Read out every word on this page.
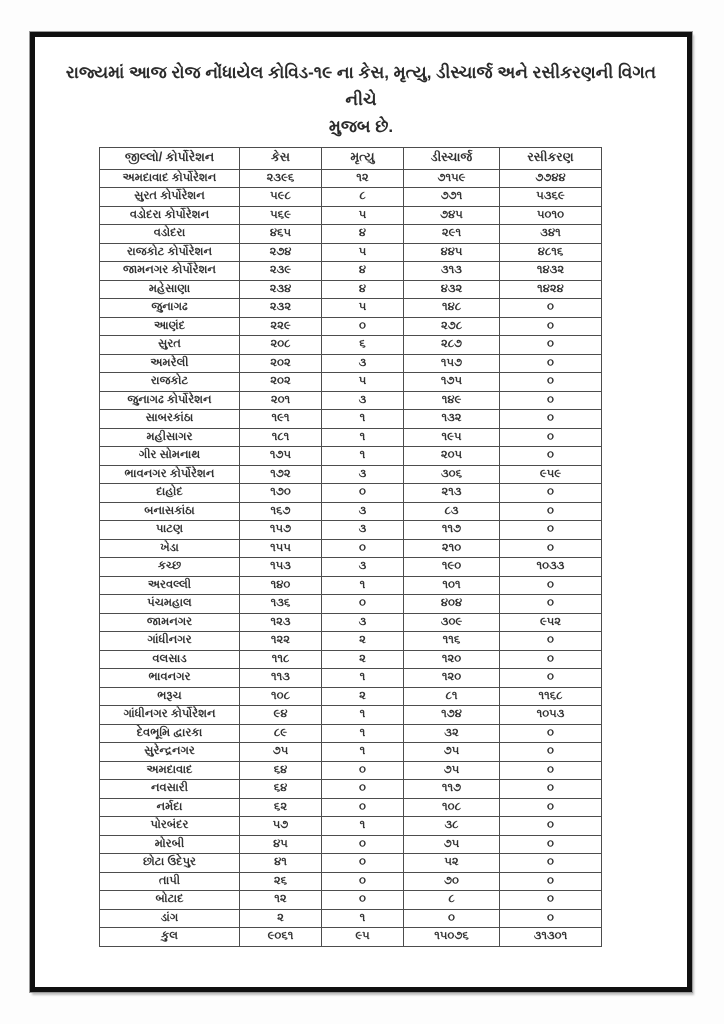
રાજ્યમાં આજ રોજ નોંધાયેલ કોવિડ-૧૯ ના કેસ, મૃત્યુ, ડીસ્ચાર્જ અને રસીકરણની વિગત નીચે
મુજબ છે.
જીલ્લો/ કોર્પોરેશન	કેસ	મૃત્યુ	ડીસ્ચાર્જ	રસીકરણ
અમદાવાદ કોર્પોરેશન	૨૩૯૬	૧૨	૭૧૫૯	૭૭૪૪
સુરત કોર્પોરેશન	૫૯૮	૮	૭૭૧	૫૩૬૯
વડોદરા કોર્પોરેશન	૫૬૯	૫	૭૪૫	૫૦૧૦
વડોદરા	૪૬૫	૪	૨૯૧	૩૪૧
રાજકોટ કોર્પોરેશન	૨૭૪	૫	૪૪૫	૪૮૧૬
જામનગર કોર્પોરેશન	૨૩૯	૪	૩૧૩	૧૪૩૨
મહેસાણા	૨૩૪	૪	૪૩૨	૧૪૨૪
જુનાગઢ	૨૩૨	૫	૧૪૮	૦
આણંદ	૨૨૯	૦	૨૭૮	૦
સુરત	૨૦૮	૬	૨૮૭	૦
અમરેલી	૨૦૨	૩	૧૫૭	૦
રાજકોટ	૨૦૨	૫	૧૭૫	૦
જુનાગઢ કોર્પોરેશન	૨૦૧	૩	૧૪૯	૦
સાબરકાંઠા	૧૯૧	૧	૧૩૨	૦
મહીસાગર	૧૮૧	૧	૧૯૫	૦
ગીર સોમનાથ	૧૭૫	૧	૨૦૫	૦
ભાવનગર કોર્પોરેશન	૧૭૨	૩	૩૦૬	૯૫૯
દાહોદ	૧૭૦	૦	૨૧૩	૦
બનાસકાંઠા	૧૬૭	૩	૮૩	૦
પાટણ	૧૫૭	૩	૧૧૭	૦
ખેડા	૧૫૫	૦	૨૧૦	૦
કચ્છ	૧૫૩	૩	૧૯૦	૧૦૩૩
અરવલ્લી	૧૪૦	૧	૧૦૧	૦
પંચમહાલ	૧૩૬	૦	૪૦૪	૦
જામનગર	૧૨૩	૩	૩૦૯	૯૫૨
ગાંધીનગર	૧૨૨	૨	૧૧૬	૦
વલસાડ	૧૧૮	૨	૧૨૦	૦
ભાવનગર	૧૧૩	૧	૧૨૦	૦
ભરૂચ	૧૦૮	૨	૮૧	૧૧૬૮
ગાંધીનગર કોર્પોરેશન	૯૪	૧	૧૭૪	૧૦૫૩
દેવભૂમિ દ્વારકા	૮૯	૧	૩૨	૦
સુરેન્દ્રનગર	૭૫	૧	૭૫	૦
અમદાવાદ	૬૪	૦	૭૫	૦
નવસારી	૬૪	૦	૧૧૭	૦
નર્મદા	૬૨	૦	૧૦૮	૦
પોરબંદર	૫૭	૧	૩૮	૦
મોરબી	૪૫	૦	૭૫	૦
છોટા ઉદેપુર	૪૧	૦	૫૨	૦
તાપી	૨૬	૦	૭૦	૦
બોટાદ	૧૨	૦	૮	૦
ડાંગ	૨	૧	૦	૦
કુલ	૯૦૬૧	૯૫	૧૫૦૭૬	૩૧૩૦૧
